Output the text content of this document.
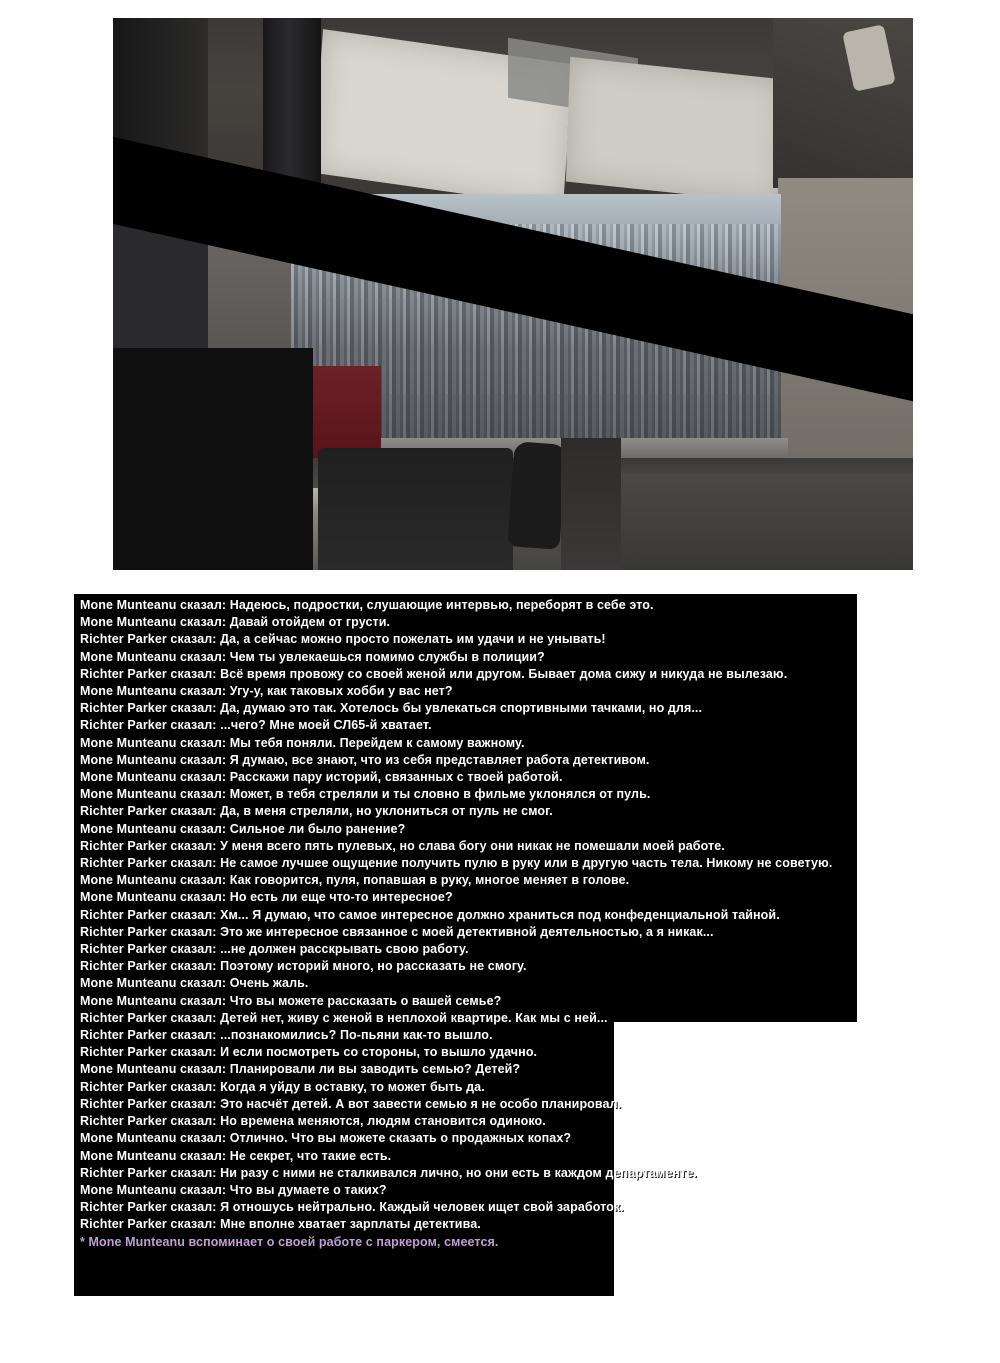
Mone Munteanu сказал: Надеюсь, подростки, слушающие интервью, переборят в себе это.
Mone Munteanu сказал: Давай отойдем от грусти.
Richter Parker сказал: Да, а сейчас можно просто пожелать им удачи и не унывать!
Mone Munteanu сказал: Чем ты увлекаешься помимо службы в полиции?
Richter Parker сказал: Всё время провожу со своей женой или другом. Бывает дома сижу и никуда не вылезаю.
Mone Munteanu сказал: Угу-у, как таковых хобби у вас нет?
Richter Parker сказал: Да, думаю это так. Хотелось бы увлекаться спортивными тачками, но для...
Richter Parker сказал: ...чего? Мне моей СЛ65-й хватает.
Mone Munteanu сказал: Мы тебя поняли. Перейдем к самому важному.
Mone Munteanu сказал: Я думаю, все знают, что из себя представляет работа детективом.
Mone Munteanu сказал: Расскажи пару историй, связанных с твоей работой.
Mone Munteanu сказал: Может, в тебя стреляли и ты словно в фильме уклонялся от пуль.
Richter Parker сказал: Да, в меня стреляли, но уклониться от пуль не смог.
Mone Munteanu сказал: Сильное ли было ранение?
Richter Parker сказал: У меня всего пять пулевых, но слава богу они никак не помешали моей работе.
Richter Parker сказал: Не самое лучшее ощущение получить пулю в руку или в другую часть тела. Никому не советую.
Mone Munteanu сказал: Как говорится, пуля, попавшая в руку, многое меняет в голове.
Mone Munteanu сказал: Но есть ли еще что-то интересное?
Richter Parker сказал: Хм... Я думаю, что самое интересное должно храниться под конфеденциальной тайной.
Richter Parker сказал: Это же интересное связанное с моей детективной деятельностью, а я никак...
Richter Parker сказал: ...не должен расскрывать свою работу.
Richter Parker сказал: Поэтому историй много, но рассказать не смогу.
Mone Munteanu сказал: Очень жаль.
Mone Munteanu сказал: Что вы можете рассказать о вашей семье?
Richter Parker сказал: Детей нет, живу с женой в неплохой квартире. Как мы с ней...
Richter Parker сказал: ...познакомились? По-пьяни как-то вышло.
Richter Parker сказал: И если посмотреть со стороны, то вышло удачно.
Mone Munteanu сказал: Планировали ли вы заводить семью? Детей?
Richter Parker сказал: Когда я уйду в оставку, то может быть да.
Richter Parker сказал: Это насчёт детей. А вот завести семью я не особо планировал.
Richter Parker сказал: Но времена меняются, людям становится одиноко.
Mone Munteanu сказал: Отлично. Что вы можете сказать о продажных копах?
Mone Munteanu сказал: Не секрет, что такие есть.
Richter Parker сказал: Ни разу с ними не сталкивался лично, но они есть в каждом департаменте.
Mone Munteanu сказал: Что вы думаете о таких?
Richter Parker сказал: Я отношусь нейтрально. Каждый человек ищет свой заработок.
Richter Parker сказал: Мне вполне хватает зарплаты детектива.
* Mone Munteanu вспоминает о своей работе с паркером, смеется.
